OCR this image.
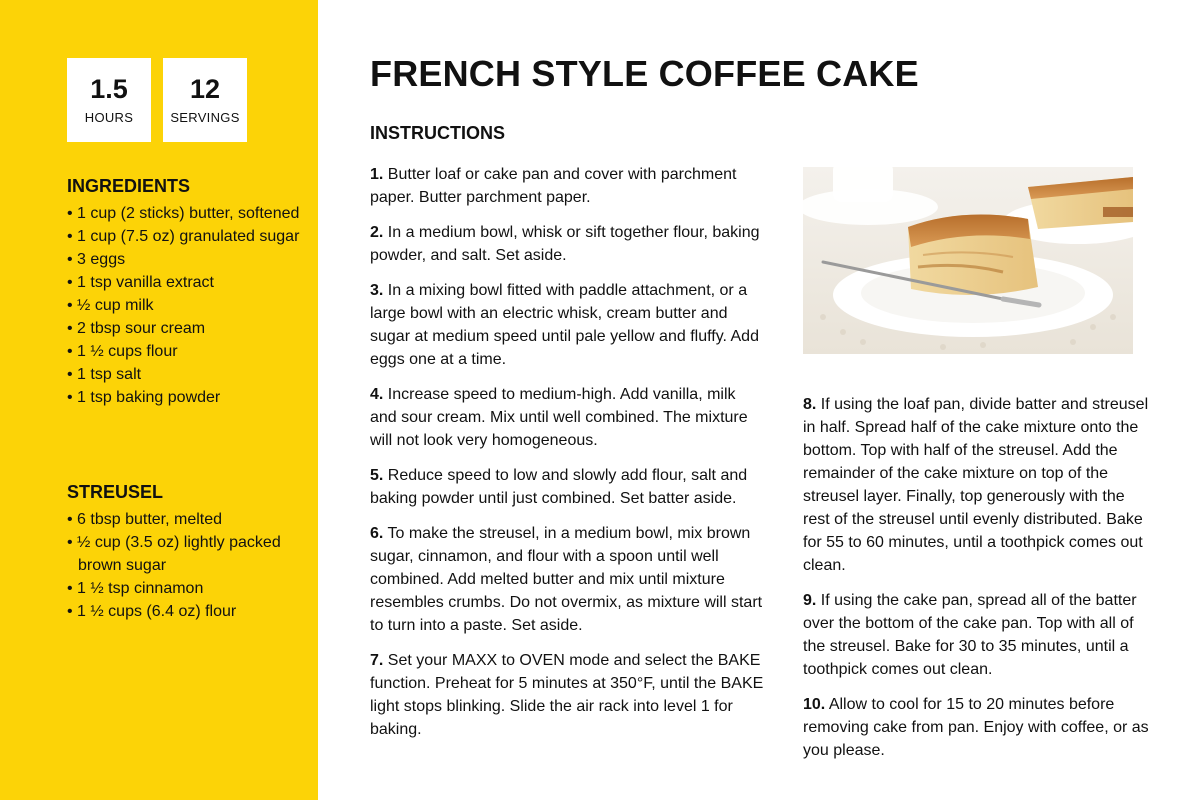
1.5
HOURS
12
SERVINGS
INGREDIENTS
• 1 cup (2 sticks) butter, softened
• 1 cup (7.5 oz) granulated sugar
• 3 eggs
• 1 tsp vanilla extract
• ½ cup milk
• 2 tbsp sour cream
• 1 ½ cups flour
• 1 tsp salt
• 1 tsp baking powder
STREUSEL
• 6 tbsp butter, melted
• ½ cup (3.5 oz) lightly packed brown sugar
• 1 ½ tsp cinnamon
• 1 ½ cups (6.4 oz) flour
FRENCH STYLE COFFEE CAKE
INSTRUCTIONS

1. Butter loaf or cake pan and cover with parchment paper. Butter parchment paper.

2. In a medium bowl, whisk or sift together flour, baking powder, and salt. Set aside.

3. In a mixing bowl fitted with paddle attachment, or a large bowl with an electric whisk, cream butter and sugar at medium speed until pale yellow and fluffy. Add eggs one at a time.

4. Increase speed to medium-high. Add vanilla, milk and sour cream. Mix until well combined. The mixture will not look very homogeneous.

5. Reduce speed to low and slowly add flour, salt and baking powder until just combined. Set batter aside.

6. To make the streusel, in a medium bowl, mix brown sugar, cinnamon, and flour with a spoon until well combined. Add melted butter and mix until mixture resembles crumbs. Do not overmix, as mixture will start to turn into a paste. Set aside.

7. Set your MAXX to OVEN mode and select the BAKE function. Preheat for 5 minutes at 350°F, until the BAKE light stops blinking. Slide the air rack into level 1 for baking.

8. If using the loaf pan, divide batter and streusel in half. Spread half of the cake mixture onto the bottom. Top with half of the streusel. Add the remainder of the cake mixture on top of the streusel layer. Finally, top generously with the rest of the streusel until evenly distributed. Bake for 55 to 60 minutes, until a toothpick comes out clean.

9. If using the cake pan, spread all of the batter over the bottom of the cake pan. Top with all of the streusel. Bake for 30 to 35 minutes, until a toothpick comes out clean.

10. Allow to cool for 15 to 20 minutes before removing cake from pan. Enjoy with coffee, or as you please.
